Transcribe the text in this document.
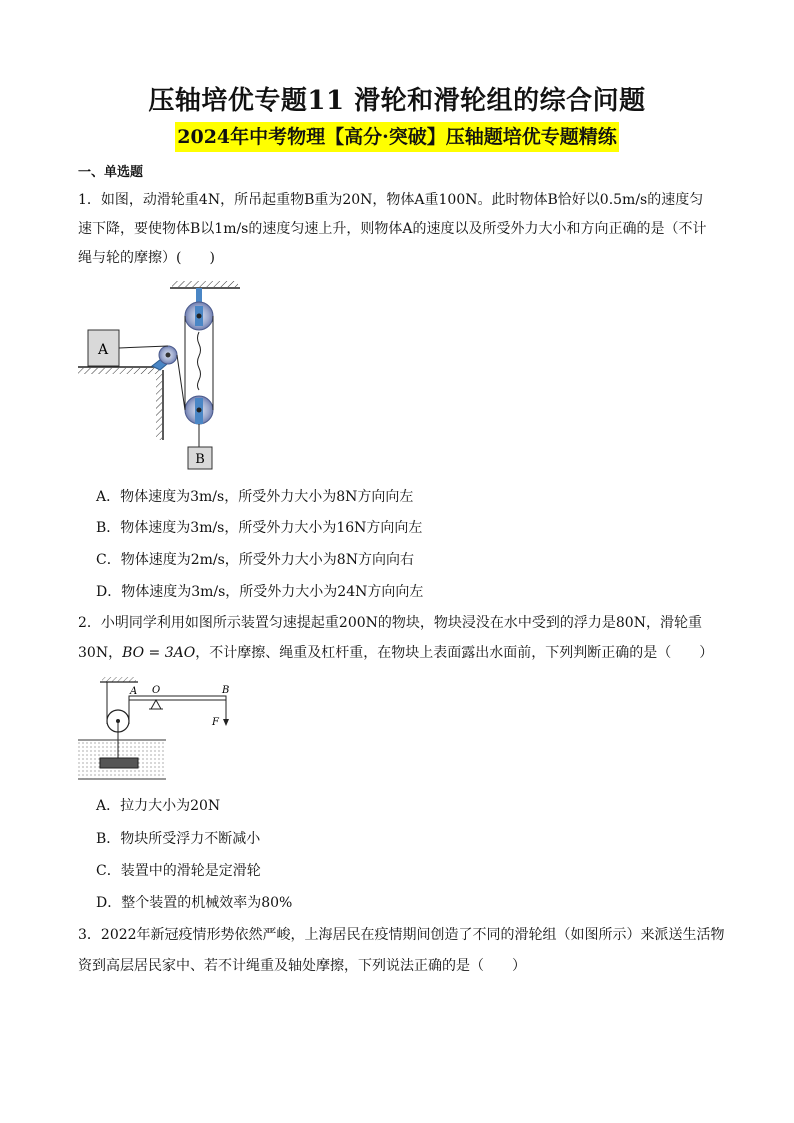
压轴培优专题11 滑轮和滑轮组的综合问题
2024年中考物理【高分·突破】压轴题培优专题精练
一、单选题
1．如图，动滑轮重4N，所吊起重物B重为20N，物体A重100N。此时物体B恰好以0.5m/s的速度匀
速下降，要使物体B以1m/s的速度匀速上升，则物体A的速度以及所受外力大小和方向正确的是（不计
绳与轮的摩擦）(　　)
A
B
A．物体速度为3m/s，所受外力大小为8N方向向左
B．物体速度为3m/s，所受外力大小为16N方向向左
C．物体速度为2m/s，所受外力大小为8N方向向右
D．物体速度为3m/s，所受外力大小为24N方向向左
2．小明同学利用如图所示装置匀速提起重200N的物块，物块浸没在水中受到的浮力是80N，滑轮重
30N，BO = 3AO，不计摩擦、绳重及杠杆重，在物块上表面露出水面前，下列判断正确的是（　　）
A O	B
F
A．拉力大小为20N
B．物块所受浮力不断减小
C．装置中的滑轮是定滑轮
D．整个装置的机械效率为80%
3．2022年新冠疫情形势依然严峻，上海居民在疫情期间创造了不同的滑轮组（如图所示）来派送生活物
资到高层居民家中、若不计绳重及轴处摩擦，下列说法正确的是（　　）
